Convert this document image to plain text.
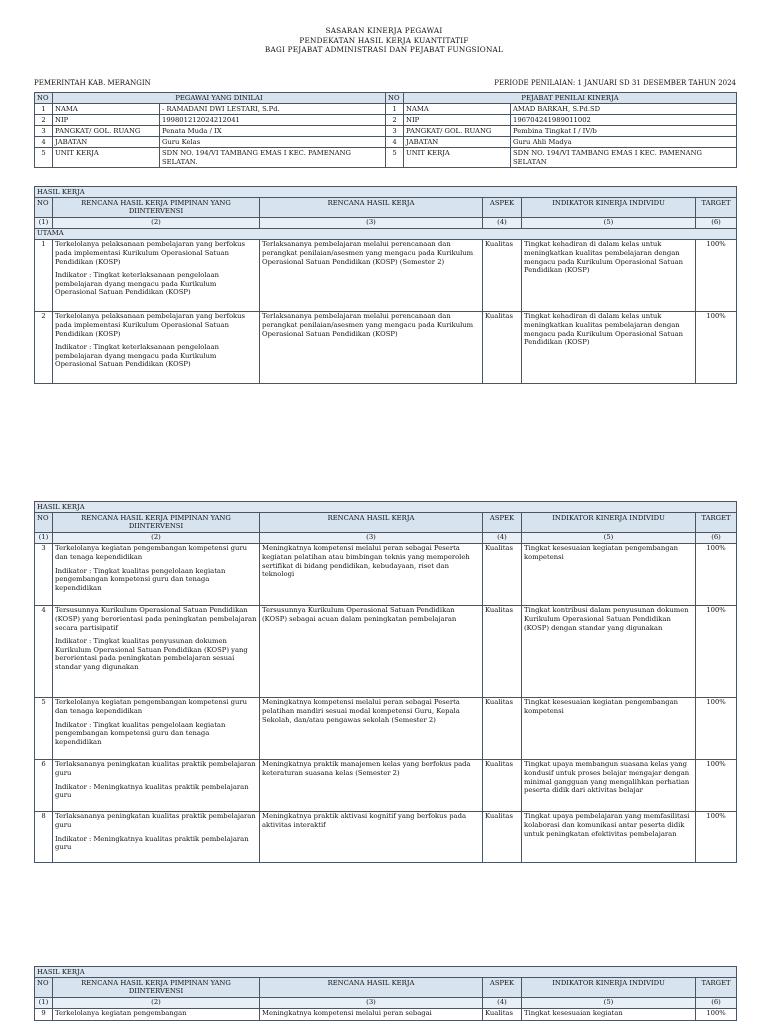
SASARAN KINERJA PEGAWAI
PENDEKATAN HASIL KERJA KUANTITATIF
BAGI PEJABAT ADMINISTRASI DAN PEJABAT FUNGSIONAL
PEMERINTAH KAB. MERANGIN	PERIODE PENILAIAN: 1 JANUARI SD 31 DESEMBER TAHUN 2024
NO	PEGAWAI YANG DINILAI		NO	PEJABAT PENILAI KINERJA	
1	NAMA	- RAMADANI DWI LESTARI, S.Pd.	1	NAMA	AMAD BARKAH, S.Pd.SD
2	NIP	199801212024212041	2	NIP	196704241989011002
3	PANGKAT/ GOL. RUANG	Penata Muda / IX	3	PANGKAT/ GOL. RUANG	Pembina Tingkat I / IV/b
4	JABATAN	Guru Kelas	4	JABATAN	Guru Ahli Madya
5	UNIT KERJA	SDN NO. 194/VI TAMBANG EMAS I KEC. PAMENANG SELATAN.	5	UNIT KERJA	SDN NO. 194/VI TAMBANG EMAS I KEC. PAMENANG SELATAN
HASIL KERJA					
NO	RENCANA HASIL KERJA PIMPINAN YANG DIINTERVENSI	RENCANA HASIL KERJA	ASPEK	INDIKATOR KINERJA INDIVIDU	TARGET
(1)	(2)	(3)	(4)	(5)	(6)
UTAMA					
1	Terkelolanya pelaksanaan pembelajaran yang berfokus pada implementasi Kurikulum Operasional Satuan Pendidikan (KOSP)
Indikator : Tingkat keterlaksanaan pengelolaan pembelajaran dyang mengacu pada Kurikulum Operasional Satuan Pendidikan (KOSP)	Terlaksananya pembelajaran melalui perencanaan dan perangkat penilaian/asesmen yang mengacu pada Kurikulum Operasional Satuan Pendidikan (KOSP) (Semester 2)	Kualitas	Tingkat kehadiran di dalam kelas untuk meningkatkan kualitas pembelajaran dengan mengacu pada Kurikulum Operasional Satuan Pendidikan (KOSP)	100%
2	Terkelolanya pelaksanaan pembelajaran yang berfokus pada implementasi Kurikulum Operasional Satuan Pendidikan (KOSP)
Indikator : Tingkat keterlaksanaan pengelolaan pembelajaran dyang mengacu pada Kurikulum Operasional Satuan Pendidikan (KOSP)	Terlaksananya pembelajaran melalui perencanaan dan perangkat penilaian/asesmen yang mengacu pada Kurikulum Operasional Satuan Pendidikan (KOSP)	Kualitas	Tingkat kehadiran di dalam kelas untuk meningkatkan kualitas pembelajaran dengan mengacu pada Kurikulum Operasional Satuan Pendidikan (KOSP)	100%
HASIL KERJA					
NO	RENCANA HASIL KERJA PIMPINAN YANG DIINTERVENSI	RENCANA HASIL KERJA	ASPEK	INDIKATOR KINERJA INDIVIDU	TARGET
(1)	(2)	(3)	(4)	(5)	(6)
3	Terkelolanya kegiatan pengembangan kompetensi guru dan tenaga kependidikan
Indikator : Tingkat kualitas pengelolaan kegiatan pengembangan kompetensi guru dan tenaga kependidikan	Meningkatnya kompetensi melalui peran sebagai Peserta kegiatan pelatihan atau bimbingan teknis yang memperoleh sertifikat di bidang pendidikan, kebudayaan, riset dan teknologi	Kualitas	Tingkat kesesuaian kegiatan pengembangan kompetensi	100%
4	Tersusunnya Kurikulum Operasional Satuan Pendidikan (KOSP) yang berorientasi pada peningkatan pembelajaran secara partisipatif
Indikator : Tingkat kualitas penyusunan dokumen Kurikulum Operasional Satuan Pendidikan (KOSP) yang berorientasi pada peningkatan pembelajaran sesuai standar yang digunakan	Tersusunnya Kurikulum Operasional Satuan Pendidikan (KOSP) sebagai acuan dalam peningkatan pembelajaran	Kualitas	Tingkat kontribusi dalam penyusunan dokumen Kurikulum Operasional Satuan Pendidikan (KOSP) dengan standar yang digunakan	100%
5	Terkelolanya kegiatan pengembangan kompetensi guru dan tenaga kependidikan
Indikator : Tingkat kualitas pengelolaan kegiatan pengembangan kompetensi guru dan tenaga kependidikan	Meningkatnya kompetensi melalui peran sebagai Peserta pelatihan mandiri sesuai modal kompetensi Guru, Kepala Sekolah, dan/atau pengawas sekolah (Semester 2)	Kualitas	Tingkat kesesuaian kegiatan pengembangan kompetensi	100%
6	Terlaksananya peningkatan kualitas praktik pembelajaran guru
Indikator : Meningkatnya kualitas praktik pembelajaran guru	Meningkatnya praktik manajemen kelas yang berfokus pada keteraturan suasana kelas (Semester 2)	Kualitas	Tingkat upaya membangun suasana kelas yang kondusif untuk proses belajar mengajar dengan minimal gangguan yang mengalihkan perhatian peserta didik dari aktivitas belajar	100%
8	Terlaksananya peningkatan kualitas praktik pembelajaran guru
Indikator : Meningkatnya kualitas praktik pembelajaran guru	Meningkatnya praktik aktivasi kognitif yang berfokus pada aktivitas interaktif	Kualitas	Tingkat upaya pembelajaran yang memfasilitasi kolaborasi dan komunikasi antar peserta didik untuk peningkatan efektivitas pembelajaran	100%
HASIL KERJA					
NO	RENCANA HASIL KERJA PIMPINAN YANG DIINTERVENSI	RENCANA HASIL KERJA	ASPEK	INDIKATOR KINERJA INDIVIDU	TARGET
(1)	(2)	(3)	(4)	(5)	(6)
9	Terkelolanya kegiatan pengembangan	Meningkatnya kompetensi melalui peran sebagai	Kualitas	Tingkat kesesuaian kegiatan	100%
